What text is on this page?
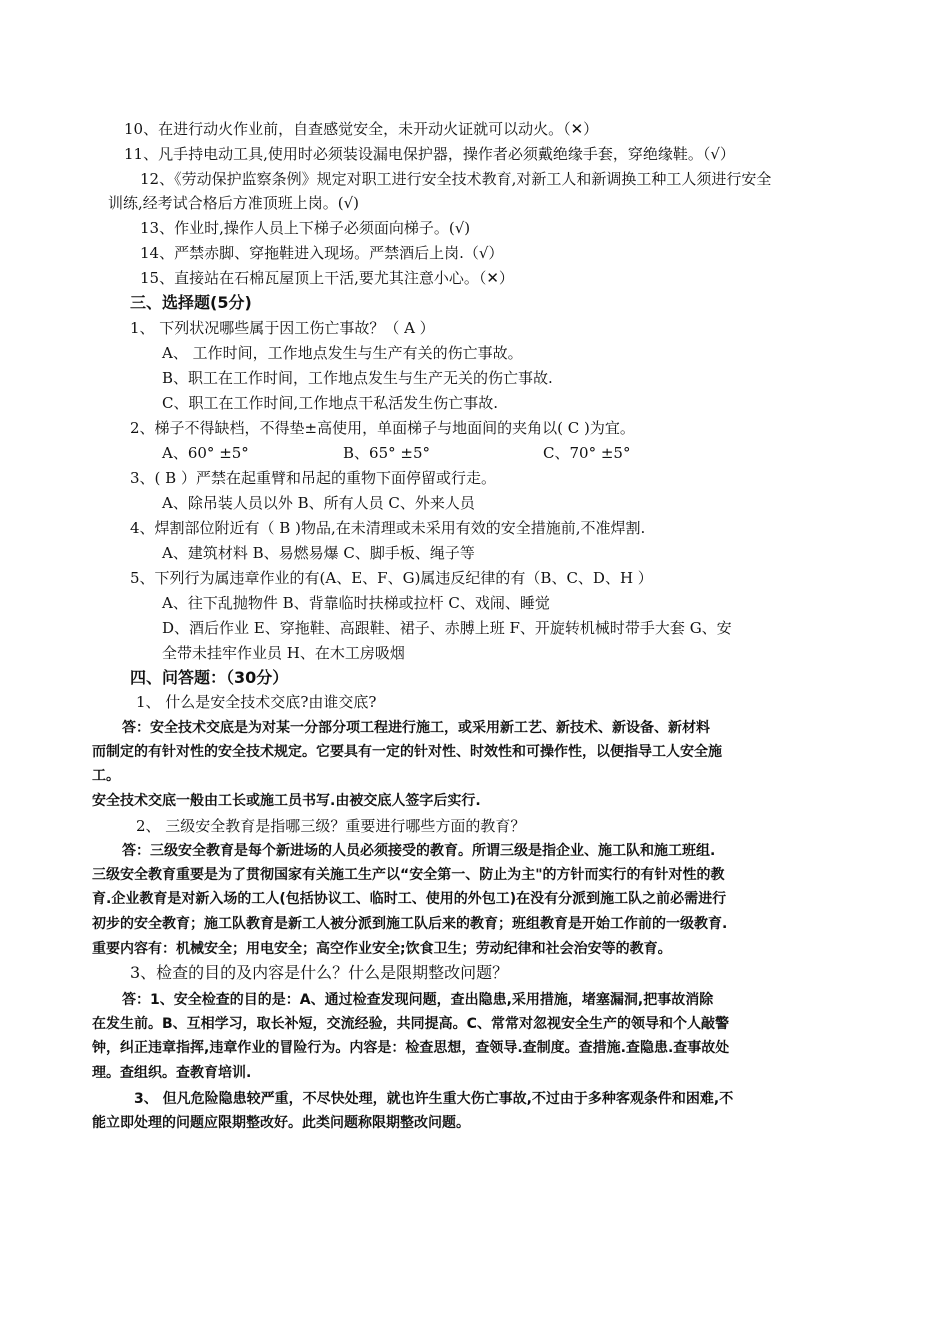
10、在进行动火作业前，自查感觉安全，未开动火证就可以动火。（✕）
11、凡手持电动工具,使用时必须装设漏电保护器，操作者必须戴绝缘手套，穿绝缘鞋。（√）
12、《劳动保护监察条例》规定对职工进行安全技术教育,对新工人和新调换工种工人须进行安全
训练,经考试合格后方准顶班上岗。(√)
13、作业时,操作人员上下梯子必须面向梯子。(√)
14、严禁赤脚、穿拖鞋进入现场。严禁酒后上岗.（√）
15、直接站在石棉瓦屋顶上干活,要尤其注意小心。（✕）
三、选择题(5分)
1、 下列状况哪些属于因工伤亡事故？（ A ）
A、 工作时间，工作地点发生与生产有关的伤亡事故。
B、职工在工作时间，工作地点发生与生产无关的伤亡事故.
C、职工在工作时间,工作地点干私活发生伤亡事故.
2、梯子不得缺档，不得垫±高使用，单面梯子与地面间的夹角以( C )为宜。
A、60° ±5°	B、65° ±5°	C、70° ±5°
3、( B ）严禁在起重臂和吊起的重物下面停留或行走。
A、除吊装人员以外 B、所有人员 C、外来人员
4、焊割部位附近有（ B )物品,在未清理或未采用有效的安全措施前,不准焊割.
A、建筑材料 B、易燃易爆 C、脚手板、绳子等
5、下列行为属违章作业的有(A、E、F、G)属违反纪律的有（B、C、D、H ）
A、往下乱抛物件 B、背靠临时扶梯或拉杆 C、戏闹、睡觉
D、酒后作业 E、穿拖鞋、高跟鞋、裙子、赤膊上班 F、开旋转机械时带手大套 G、安
全带未挂牢作业员 H、在木工房吸烟
四、问答题：（30分）
1、 什么是安全技术交底?由谁交底?
答：安全技术交底是为对某一分部分项工程进行施工，或采用新工艺、新技术、新设备、新材料
而制定的有针对性的安全技术规定。它要具有一定的针对性、时效性和可操作性，以便指导工人安全施
工。
安全技术交底一般由工长或施工员书写.由被交底人签字后实行.
2、 三级安全教育是指哪三级？重要进行哪些方面的教育？
答：三级安全教育是每个新进场的人员必须接受的教育。所谓三级是指企业、施工队和施工班组.
三级安全教育重要是为了贯彻国家有关施工生产以“安全第一、防止为主"的方针而实行的有针对性的教
育.企业教育是对新入场的工人(包括协议工、临时工、使用的外包工)在没有分派到施工队之前必需进行
初步的安全教育；施工队教育是新工人被分派到施工队后来的教育；班组教育是开始工作前的一级教育.
重要内容有：机械安全；用电安全；高空作业安全;饮食卫生；劳动纪律和社会治安等的教育。
3、检查的目的及内容是什么？什么是限期整改问题？
答：1、安全检查的目的是：A、通过检查发现问题，查出隐患,采用措施，堵塞漏洞,把事故消除
在发生前。B、互相学习，取长补短，交流经验，共同提高。C、常常对忽视安全生产的领导和个人敲警
钟，纠正违章指挥,违章作业的冒险行为。内容是：检查思想，查领导.查制度。查措施.查隐患.查事故处
理。查组织。查教育培训.
3、 但凡危险隐患较严重，不尽快处理，就也许生重大伤亡事故,不过由于多种客观条件和困难,不
能立即处理的问题应限期整改好。此类问题称限期整改问题。
